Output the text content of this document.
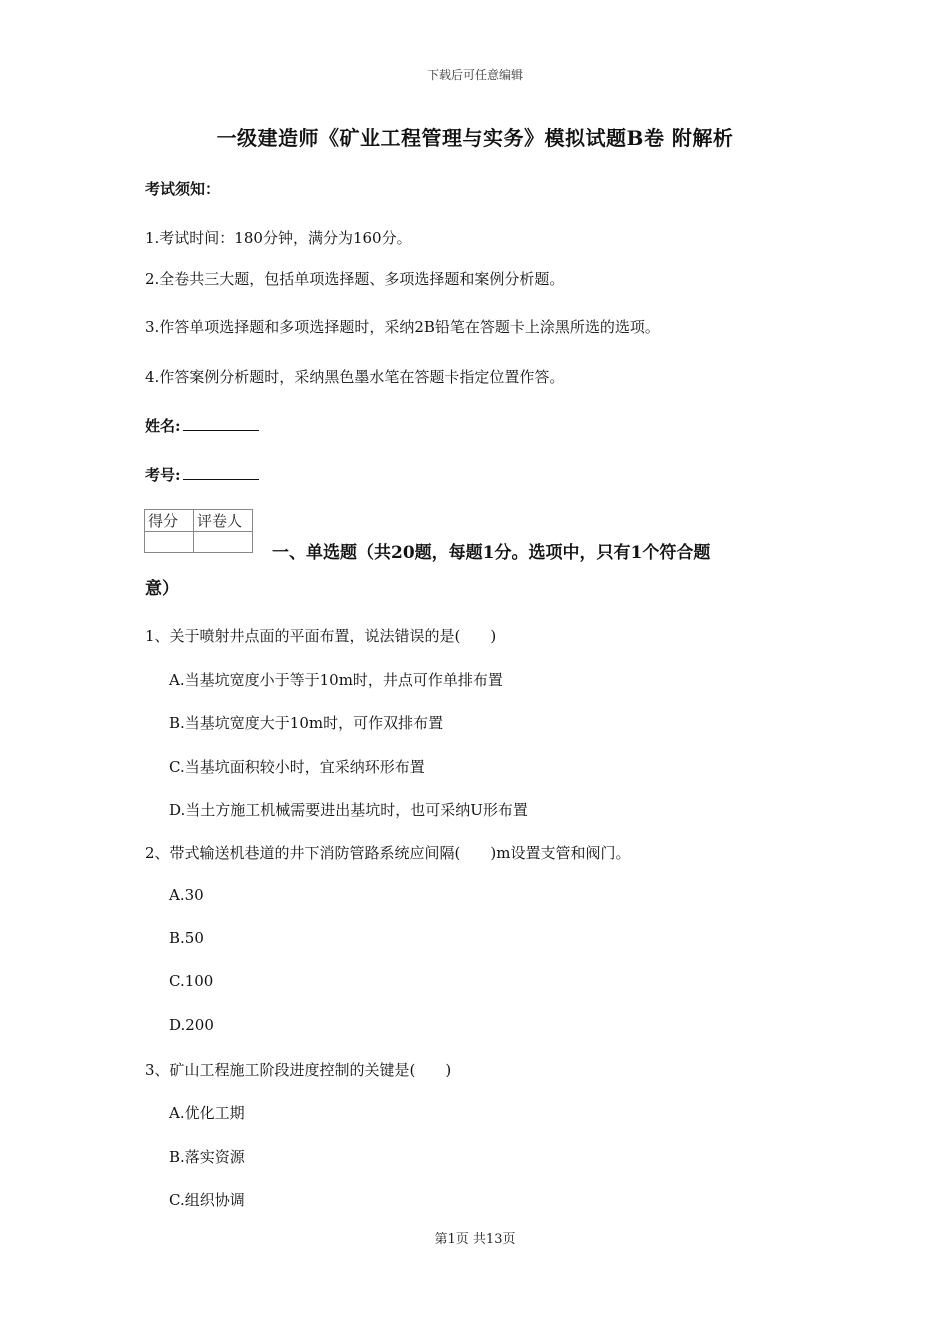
下载后可任意编辑
一级建造师《矿业工程管理与实务》模拟试题B卷 附解析
考试须知：
1.考试时间：180分钟，满分为160分。
2.全卷共三大题，包括单项选择题、多项选择题和案例分析题。
3.作答单项选择题和多项选择题时，采纳2B铅笔在答题卡上涂黑所选的选项。
4.作答案例分析题时，采纳黑色墨水笔在答题卡指定位置作答。
姓名:
考号:
得分	评卷人

一、单选题（共20题，每题1分。选项中，只有1个符合题
意）
1、关于喷射井点面的平面布置，说法错误的是(　　)
A.当基坑宽度小于等于10m时，井点可作单排布置
B.当基坑宽度大于10m时，可作双排布置
C.当基坑面积较小时，宜采纳环形布置
D.当土方施工机械需要进出基坑时，也可采纳U形布置
2、带式输送机巷道的井下消防管路系统应间隔(　　)m设置支管和阀门。
A.30
B.50
C.100
D.200
3、矿山工程施工阶段进度控制的关键是(　　)
A.优化工期
B.落实资源
C.组织协调
第1页 共13页
